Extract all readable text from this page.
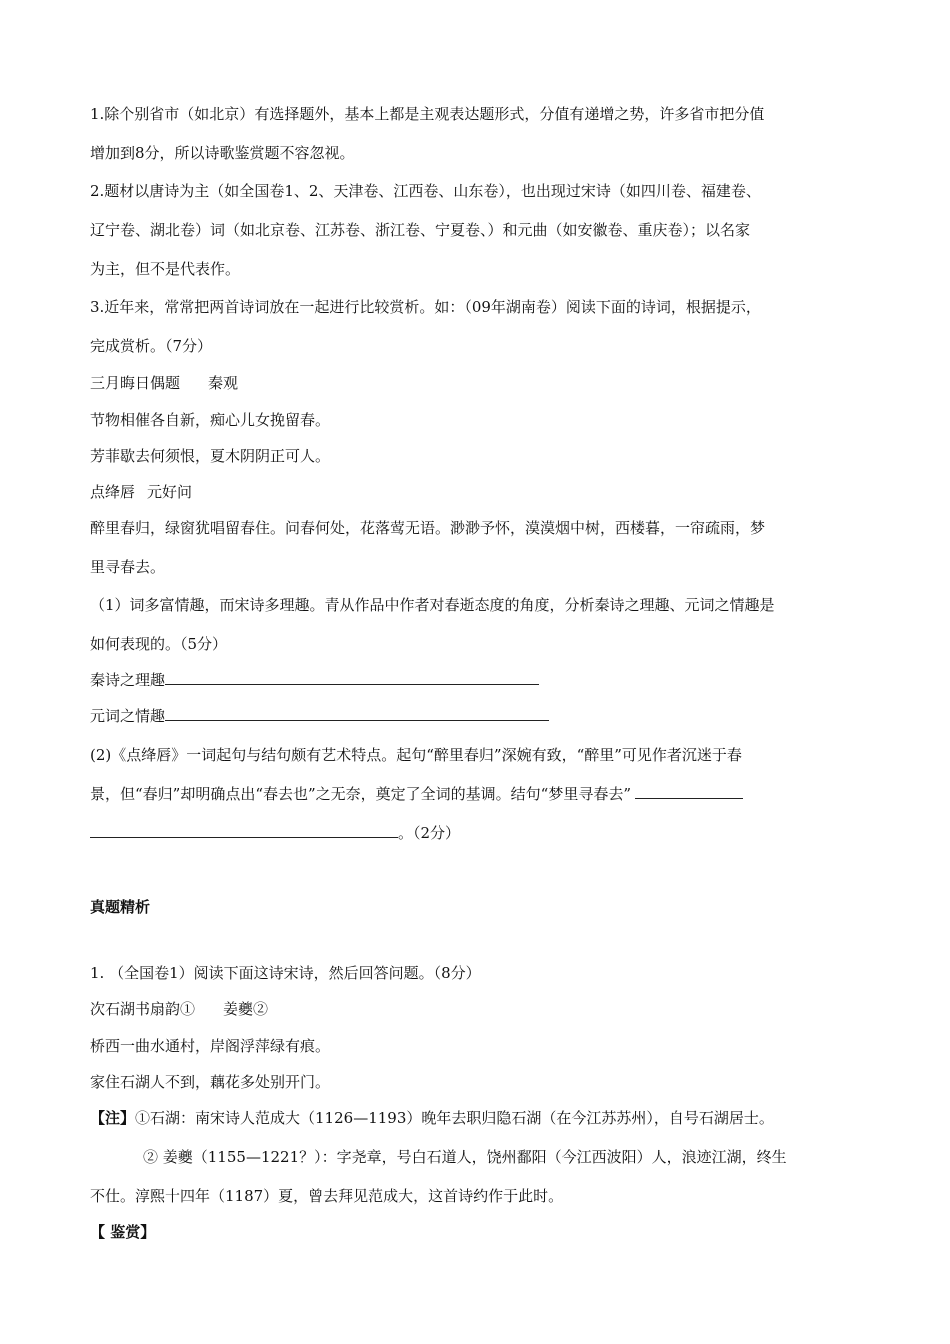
1.除个别省市（如北京）有选择题外，基本上都是主观表达题形式，分值有递增之势，许多省市把分值
增加到8分，所以诗歌鉴赏题不容忽视。
2.题材以唐诗为主（如全国卷1、2、天津卷、江西卷、山东卷），也出现过宋诗（如四川卷、福建卷、
辽宁卷、湖北卷）词（如北京卷、江苏卷、浙江卷、宁夏卷、）和元曲（如安徽卷、重庆卷）；以名家
为主，但不是代表作。
3.近年来，常常把两首诗词放在一起进行比较赏析。如：（09年湖南卷）阅读下面的诗词，根据提示，
完成赏析。（7分）
三月晦日偶题 秦观
节物相催各自新，痴心儿女挽留春。
芳菲歇去何须恨，夏木阴阴正可人。
点绛唇 元好问
醉里春归，绿窗犹唱留春住。问春何处，花落莺无语。渺渺予怀，漠漠烟中树，西楼暮，一帘疏雨，梦
里寻春去。
（1）词多富情趣，而宋诗多理趣。青从作品中作者对春逝态度的角度，分析秦诗之理趣、元词之情趣是
如何表现的。（5分）
秦诗之理趣
元词之情趣
(2)《点绛唇》一词起句与结句颇有艺术特点。起句“醉里春归”深婉有致，“醉里”可见作者沉迷于春
景，但“春归”却明确点出“春去也”之无奈，奠定了全词的基调。结句“梦里寻春去”
。（2分）
真题精析
1. （全国卷1）阅读下面这诗宋诗，然后回答问题。（8分）
次石湖书扇韵① 姜夔②
桥西一曲水通村，岸阁浮萍绿有痕。
家住石湖人不到，藕花多处别开门。
【注】①石湖：南宋诗人范成大（1126—1193）晚年去职归隐石湖（在今江苏苏州），自号石湖居士。
② 姜夔（1155—1221？）：字尧章，号白石道人，饶州鄱阳（今江西波阳）人，浪迹江湖，终生
不仕。淳熙十四年（1187）夏，曾去拜见范成大，这首诗约作于此时。
【 鉴赏】
